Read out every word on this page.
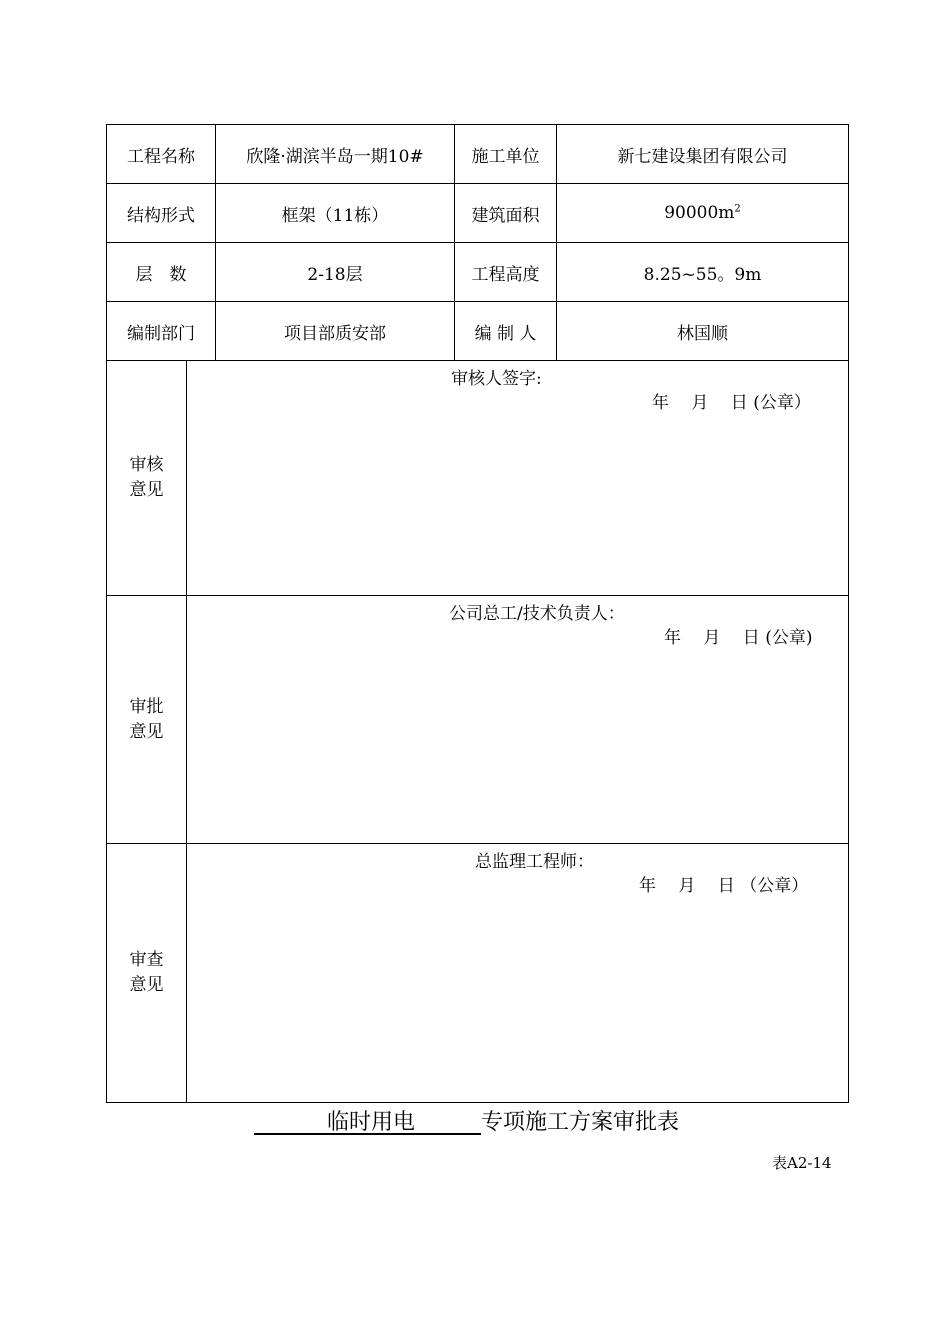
工程名称		欣隆·湖滨半岛一期10#	施工单位	新七建设集团有限公司
结构形式		框架（11栋）	建筑面积	$90000m^2$
层　数		2-18层	工程高度	8.25~55。9m
编制部门		项目部质安部	编 制 人	林国顺

审核
意见	审核人签字:
年　 月　 日 (公章）			

审批
意见	公司总工/技术负责人：
年　 月　 日 (公章)			

审查
意见	总监理工程师：
年　 月　 日 （公章）			
　　 　临时用电　　　	专项施工方案审批表
表A2-14
